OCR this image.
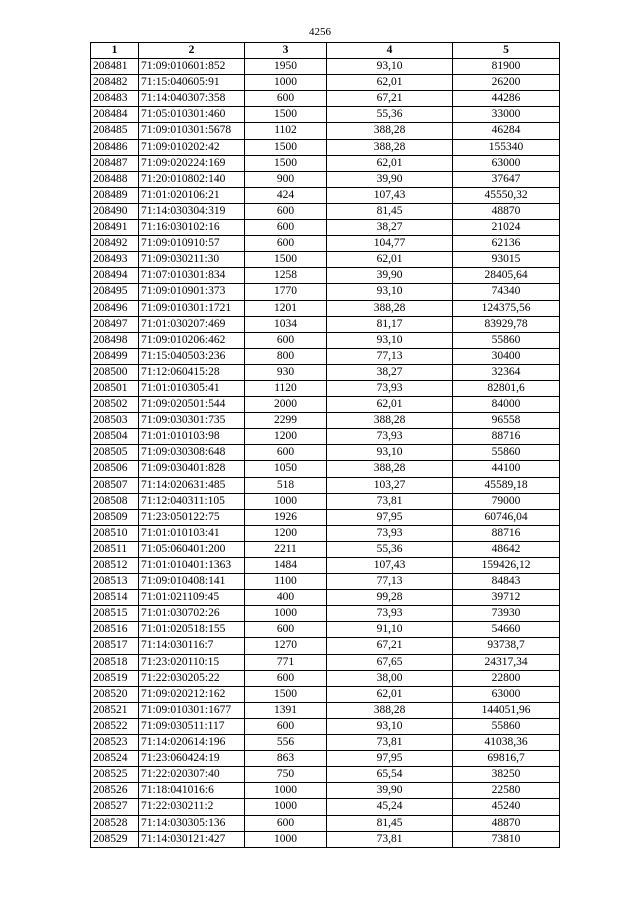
4256
1	2	3	4	5
208481	71:09:010601:852	1950	93,10	81900
208482	71:15:040605:91	1000	62,01	26200
208483	71:14:040307:358	600	67,21	44286
208484	71:05:010301:460	1500	55,36	33000
208485	71:09:010301:5678	1102	388,28	46284
208486	71:09:010202:42	1500	388,28	155340
208487	71:09:020224:169	1500	62,01	63000
208488	71:20:010802:140	900	39,90	37647
208489	71:01:020106:21	424	107,43	45550,32
208490	71:14:030304:319	600	81,45	48870
208491	71:16:030102:16	600	38,27	21024
208492	71:09:010910:57	600	104,77	62136
208493	71:09:030211:30	1500	62,01	93015
208494	71:07:010301:834	1258	39,90	28405,64
208495	71:09:010901:373	1770	93,10	74340
208496	71:09:010301:1721	1201	388,28	124375,56
208497	71:01:030207:469	1034	81,17	83929,78
208498	71:09:010206:462	600	93,10	55860
208499	71:15:040503:236	800	77,13	30400
208500	71:12:060415:28	930	38,27	32364
208501	71:01:010305:41	1120	73,93	82801,6
208502	71:09:020501:544	2000	62,01	84000
208503	71:09:030301:735	2299	388,28	96558
208504	71:01:010103:98	1200	73,93	88716
208505	71:09:030308:648	600	93,10	55860
208506	71:09:030401:828	1050	388,28	44100
208507	71:14:020631:485	518	103,27	45589,18
208508	71:12:040311:105	1000	73,81	79000
208509	71:23:050122:75	1926	97,95	60746,04
208510	71:01:010103:41	1200	73,93	88716
208511	71:05:060401:200	2211	55,36	48642
208512	71:01:010401:1363	1484	107,43	159426,12
208513	71:09:010408:141	1100	77,13	84843
208514	71:01:021109:45	400	99,28	39712
208515	71:01:030702:26	1000	73,93	73930
208516	71:01:020518:155	600	91,10	54660
208517	71:14:030116:7	1270	67,21	93738,7
208518	71:23:020110:15	771	67,65	24317,34
208519	71:22:030205:22	600	38,00	22800
208520	71:09:020212:162	1500	62,01	63000
208521	71:09:010301:1677	1391	388,28	144051,96
208522	71:09:030511:117	600	93,10	55860
208523	71:14:020614:196	556	73,81	41038,36
208524	71:23:060424:19	863	97,95	69816,7
208525	71:22:020307:40	750	65,54	38250
208526	71:18:041016:6	1000	39,90	22580
208527	71:22:030211:2	1000	45,24	45240
208528	71:14:030305:136	600	81,45	48870
208529	71:14:030121:427	1000	73,81	73810
